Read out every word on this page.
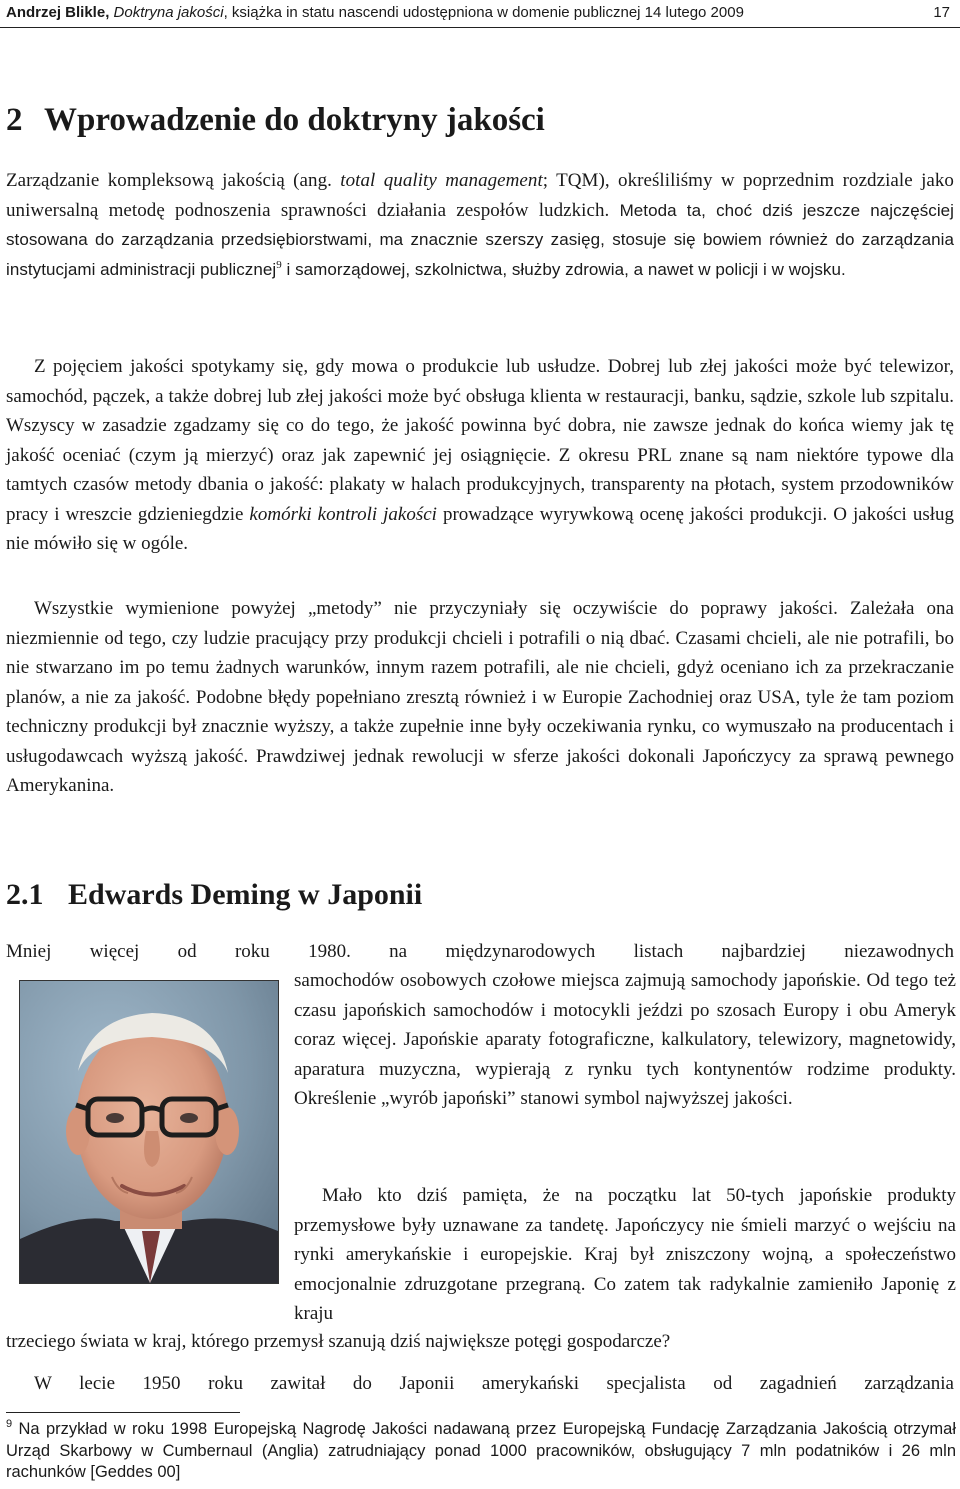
Andrzej Blikle, Doktryna jakości, książka in statu nascendi udostępniona w domenie publicznej 14 lutego 2009	17
2 Wprowadzenie do doktryny jakości

Zarządzanie kompleksową jakością (ang. total quality management; TQM), określiliśmy w poprzednim rozdziale jako uniwersalną metodę podnoszenia sprawności działania zespołów ludzkich. Metoda ta, choć dziś jeszcze najczęściej stosowana do zarządzania przedsiębiorstwami, ma znacznie szerszy zasięg, stosuje się bowiem również do zarządzania instytucjami administracji publicznej$^9$ i samorządowej, szkolnictwa, służby zdrowia, a nawet w policji i w wojsku.

Z pojęciem jakości spotykamy się, gdy mowa o produkcie lub usłudze. Dobrej lub złej jakości może być telewizor, samochód, pączek, a także dobrej lub złej jakości może być obsługa klienta w restauracji, banku, sądzie, szkole lub szpitalu. Wszyscy w zasadzie zgadzamy się co do tego, że jakość powinna być dobra, nie zawsze jednak do końca wiemy jak tę jakość oceniać (czym ją mierzyć) oraz jak zapewnić jej osiągnięcie. Z okresu PRL znane są nam niektóre typowe dla tamtych czasów metody dbania o jakość: plakaty w halach produkcyjnych, transparenty na płotach, system przodowników pracy i wreszcie gdzieniegdzie komórki kontroli jakości prowadzące wyrywkową ocenę jakości produkcji. O jakości usług nie mówiło się w ogóle.

Wszystkie wymienione powyżej „metody” nie przyczyniały się oczywiście do poprawy jakości. Zależała ona niezmiennie od tego, czy ludzie pracujący przy produkcji chcieli i potrafili o nią dbać. Czasami chcieli, ale nie potrafili, bo nie stwarzano im po temu żadnych warunków, innym razem potrafili, ale nie chcieli, gdyż oceniano ich za przekraczanie planów, a nie za jakość. Podobne błędy popełniano zresztą również i w Europie Zachodniej oraz USA, tyle że tam poziom techniczny produkcji był znacznie wyższy, a także zupełnie inne były oczekiwania rynku, co wymuszało na producentach i usługodawcach wyższą jakość. Prawdziwej jednak rewolucji w sferze jakości dokonali Japończycy za sprawą pewnego Amerykanina.

2.1 Edwards Deming w Japonii
Mniej więcej od roku 1980. na międzynarodowych listach najbardziej niezawodnych
samochodów osobowych czołowe miejsca zajmują samochody japońskie. Od tego też czasu japońskich samochodów i motocykli jeździ po szosach Europy i obu Ameryk coraz więcej. Japońskie aparaty fotograficzne, kalkulatory, telewizory, magnetowidy, aparatura muzyczna, wypierają z rynku tych kontynentów rodzime produkty. Określenie „wyrób japoński” stanowi symbol najwyższej jakości.
Mało kto dziś pamięta, że na początku lat 50-tych japońskie produkty przemysłowe były uznawane za tandetę. Japończycy nie śmieli marzyć o wejściu na rynki amerykańskie i europejskie. Kraj był zniszczony wojną, a społeczeństwo emocjonalnie zdruzgotane przegraną. Co zatem tak radykalnie zamieniło Japonię z kraju
trzeciego świata w kraj, którego przemysł szanują dziś największe potęgi gospodarcze?
W lecie 1950 roku zawitał do Japonii amerykański specjalista od zagadnień zarządzania
$^9$ Na przykład w roku 1998 Europejską Nagrodę Jakości nadawaną przez Europejską Fundację Zarządzania Jakością otrzymał Urząd Skarbowy w Cumbernaul (Anglia) zatrudniający ponad 1000 pracowników, obsługujący 7 mln podatników i 26 mln rachunków [Geddes 00]
